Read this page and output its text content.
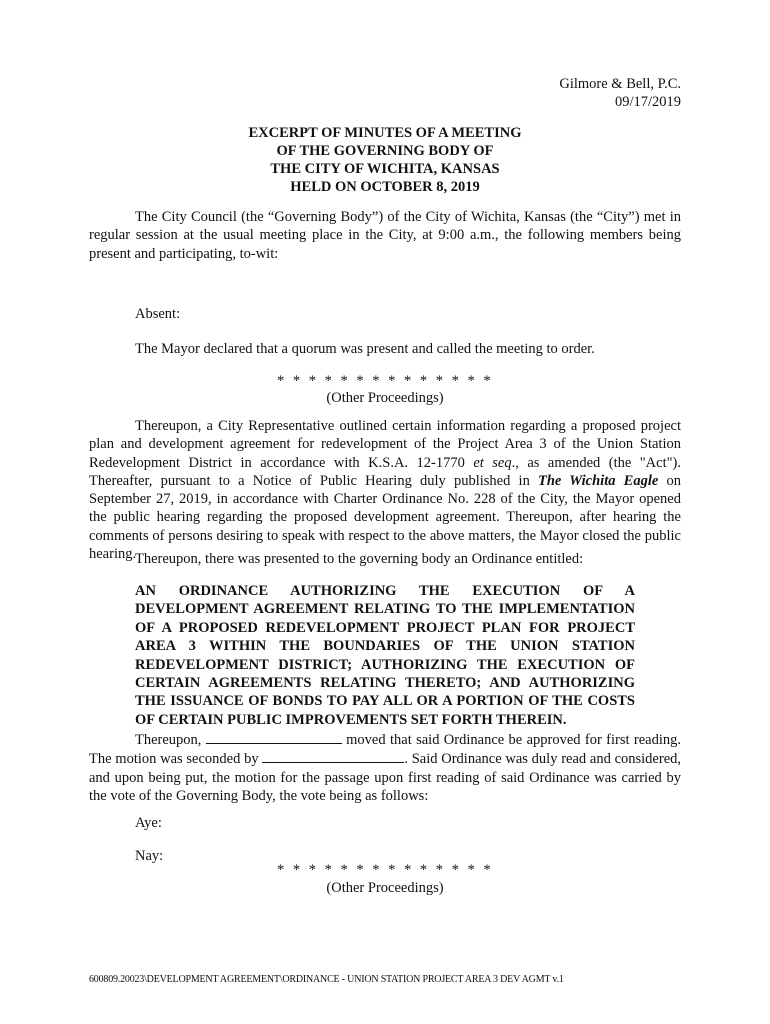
Gilmore & Bell, P.C.
09/17/2019
EXCERPT OF MINUTES OF A MEETING
OF THE GOVERNING BODY OF
THE CITY OF WICHITA, KANSAS
HELD ON OCTOBER 8, 2019
The City Council (the “Governing Body”) of the City of Wichita, Kansas (the “City”) met in regular session at the usual meeting place in the City, at 9:00 a.m., the following members being present and participating, to-wit:
Absent:
The Mayor declared that a quorum was present and called the meeting to order.
* * * * * * * * * * * * * *
(Other Proceedings)
Thereupon, a City Representative outlined certain information regarding a proposed project plan and development agreement for redevelopment of the Project Area 3 of the Union Station Redevelopment District in accordance with K.S.A. 12-1770 et seq., as amended (the "Act"). Thereafter, pursuant to a Notice of Public Hearing duly published in The Wichita Eagle on September 27, 2019, in accordance with Charter Ordinance No. 228 of the City, the Mayor opened the public hearing regarding the proposed development agreement. Thereupon, after hearing the comments of persons desiring to speak with respect to the above matters, the Mayor closed the public hearing.
Thereupon, there was presented to the governing body an Ordinance entitled:
AN ORDINANCE AUTHORIZING THE EXECUTION OF A DEVELOPMENT AGREEMENT RELATING TO THE IMPLEMENTATION OF A PROPOSED REDEVELOPMENT PROJECT PLAN FOR PROJECT AREA 3 WITHIN THE BOUNDARIES OF THE UNION STATION REDEVELOPMENT DISTRICT; AUTHORIZING THE EXECUTION OF CERTAIN AGREEMENTS RELATING THERETO; AND AUTHORIZING THE ISSUANCE OF BONDS TO PAY ALL OR A PORTION OF THE COSTS OF CERTAIN PUBLIC IMPROVEMENTS SET FORTH THEREIN.
Thereupon,	moved that said Ordinance be approved for first reading. The motion was seconded by	. Said Ordinance was duly read and considered, and upon being put, the motion for the passage upon first reading of said Ordinance was carried by the vote of the Governing Body, the vote being as follows:
Aye:
Nay:
* * * * * * * * * * * * * *
(Other Proceedings)
600809.20023\DEVELOPMENT AGREEMENT\ORDINANCE - UNION STATION PROJECT AREA 3 DEV AGMT v.1
